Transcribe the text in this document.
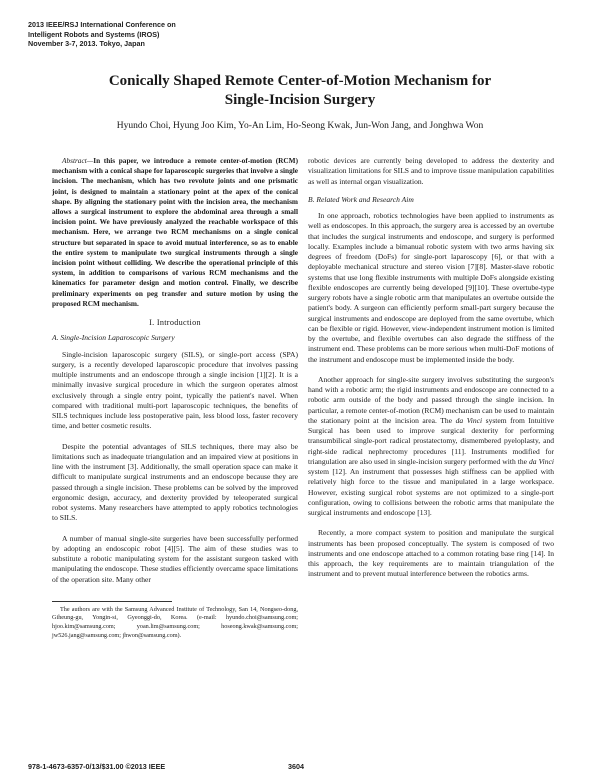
2013 IEEE/RSJ International Conference on
Intelligent Robots and Systems (IROS)
November 3-7, 2013. Tokyo, Japan
Conically Shaped Remote Center-of-Motion Mechanism for
Single-Incision Surgery
Hyundo Choi, Hyung Joo Kim, Yo-An Lim, Ho-Seong Kwak, Jun-Won Jang, and Jonghwa Won

Abstract—In this paper, we introduce a remote center-of-motion (RCM) mechanism with a conical shape for laparoscopic surgeries that involve a single incision. The mechanism, which has two revolute joints and one prismatic joint, is designed to maintain a stationary point at the apex of the conical shape. By aligning the stationary point with the incision area, the mechanism allows a surgical instrument to explore the abdominal area through a small incision point. We have previously analyzed the reachable workspace of this mechanism. Here, we arrange two RCM mechanisms on a single conical structure but separated in space to avoid mutual interference, so as to enable the entire system to manipulate two surgical instruments through a single incision point without colliding. We describe the operational principle of this system, in addition to comparisons of various RCM mechanisms and the kinematics for parameter design and motion control. Finally, we describe preliminary experiments on peg transfer and suture motion by using the proposed RCM mechanism.

I. Introduction
A. Single-Incision Laparoscopic Surgery

Single-incision laparoscopic surgery (SILS), or single-port access (SPA) surgery, is a recently developed laparoscopic procedure that involves passing multiple instruments and an endoscope through a single incision [1][2]. It is a minimally invasive surgical procedure in which the surgeon operates almost exclusively through a single entry point, typically the patient's navel. When compared with traditional multi-port laparoscopic techniques, the benefits of SILS techniques include less postoperative pain, less blood loss, faster recovery time, and better cosmetic results.

Despite the potential advantages of SILS techniques, there may also be limitations such as inadequate triangulation and an impaired view at positions in line with the instrument [3]. Additionally, the small operation space can make it difficult to manipulate surgical instruments and an endoscope because they are passed through a single incision. These problems can be solved by the improved ergonomic design, accuracy, and dexterity provided by teleoperated surgical robot systems. Many researchers have attempted to apply robotics technologies to SILS.

A number of manual single-site surgeries have been successfully performed by adopting an endoscopic robot [4][5]. The aim of these studies was to substitute a robotic manipulating system for the assistant surgeon tasked with manipulating the endoscope. These studies efficiently overcame space limitations of the operation site. Many other

The authors are with the Samsung Advanced Institute of Technology, San 14, Nongseo-dong, Giheung-gu, Yongin-si, Gyeonggi-do, Korea. (e-mail: hyundo.choi@samsung.com; hjoo.kim@samsung.com; yoan.lim@samsung.com; hoseong.kwak@samsung.com; jw526.jang@samsung.com; jhwon@samsung.com).

robotic devices are currently being developed to address the dexterity and visualization limitations for SILS and to improve tissue manipulation capabilities as well as internal organ visualization.

B. Related Work and Research Aim

In one approach, robotics technologies have been applied to instruments as well as endoscopes. In this approach, the surgery area is accessed by an overtube that includes the surgical instruments and endoscope, and surgery is performed locally. Examples include a bimanual robotic system with two arms having six degrees of freedom (DoFs) for single-port laparoscopy [6], or that with a deployable mechanical structure and stereo vision [7][8]. Master-slave robotic systems that use long flexible instruments with multiple DoFs alongside existing flexible endoscopes are currently being developed [9][10]. These overtube-type surgery robots have a single robotic arm that manipulates an overtube outside the patient's body. A surgeon can efficiently perform small-part surgery because the surgical instruments and endoscope are deployed from the same overtube, which can be flexible or rigid. However, view-independent instrument motion is limited by the overtube, and flexible overtubes can also degrade the stiffness of the instrument end. These problems can be more serious when multi-DoF motions of the instrument and endoscope must be implemented inside the body.

Another approach for single-site surgery involves substituting the surgeon's hand with a robotic arm; the rigid instruments and endoscope are connected to a robotic arm outside of the body and passed through the single incision. In particular, a remote center-of-motion (RCM) mechanism can be used to maintain the stationary point at the incision area. The da Vinci system from Intuitive Surgical has been used to improve surgical dexterity for performing transumbilical single-port radical prostatectomy, dismembered pyeloplasty, and right-side radical nephrectomy procedures [11]. Instruments modified for triangulation are also used in single-incision surgery performed with the da Vinci system [12]. An instrument that possesses high stiffness can be applied with relatively high force to the tissue and manipulated in a large workspace. However, existing surgical robot systems are not optimized to a single-port configuration, owing to collisions between the robotic arms that manipulate the surgical instruments and endoscope [13].

Recently, a more compact system to position and manipulate the surgical instruments has been proposed conceptually. The system is composed of two instruments and one endoscope attached to a common rotating base ring [14]. In this approach, the key requirements are to maintain triangulation of the instrument and to prevent mutual interference between the robotics arms.

978-1-4673-6357-0/13/$31.00 ©2013 IEEE	3604
